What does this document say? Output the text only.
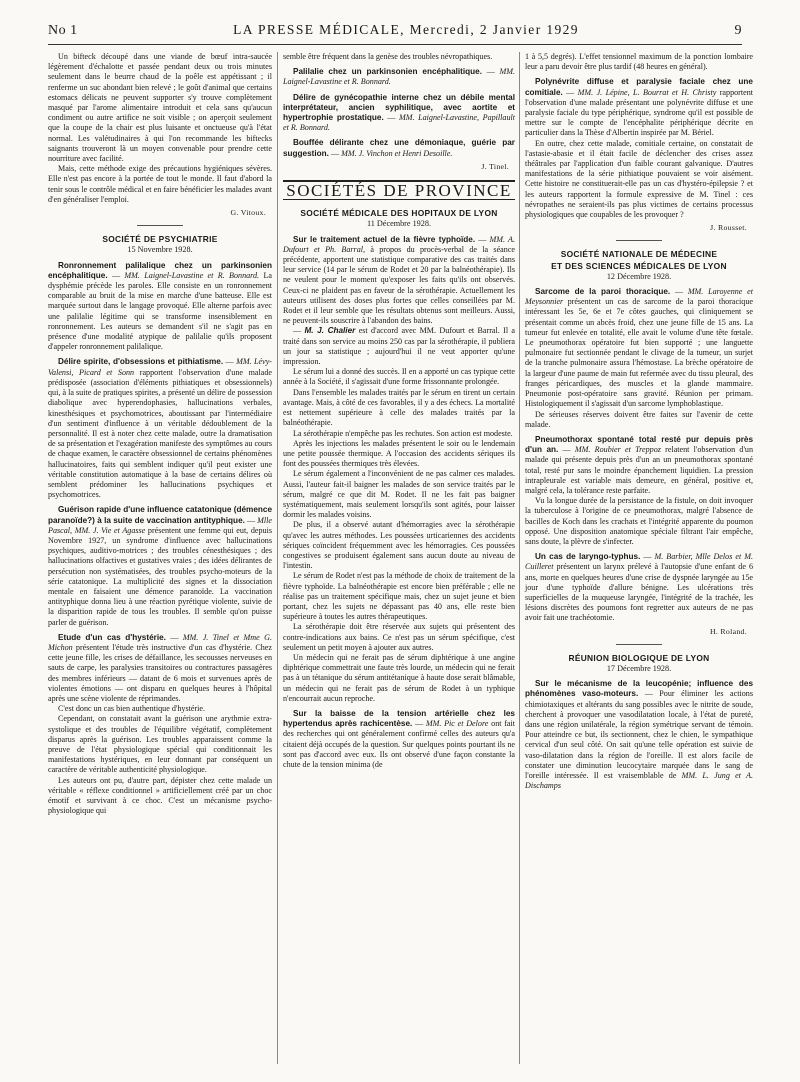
No 1	LA PRESSE MÉDICALE, Mercredi, 2 Janvier 1929	9

Un bifteck découpé dans une viande de bœuf intra-saucée légèrement d'échalotte et passée pendant deux ou trois minutes seulement dans le beurre chaud de la poêle est appétissant ; il renferme un suc abondant bien relevé ; le goût d'animal que certains estomacs délicats ne peuvent supporter s'y trouve complètement masqué par l'arome alimentaire introduit et cela sans qu'aucun condiment ou autre artifice ne soit visible ; on aperçoit seulement que la coupe de la chair est plus luisante et onctueuse qu'à l'état normal. Les valétudinaires à qui l'on recommande les biftecks saignants trouveront là un moyen convenable pour prendre cette nourriture avec facilité.

Mais, cette méthode exige des précautions hygiéniques sévères. Elle n'est pas encore à la portée de tout le monde. Il faut d'abord la tenir sous le contrôle médical et en faire bénéficier les malades avant d'en généraliser l'emploi.

G. Vitoux.
SOCIÉTÉ DE PSYCHIATRIE
15 Novembre 1928.

Ronronnement palilalique chez un parkinsonien encéphalitique. — MM. Laignel-Lavastine et R. Bonnard. La dysphémie précède les paroles. Elle consiste en un ronronnement comparable au bruit de la mise en marche d'une batteuse. Elle est marquée surtout dans le langage provoqué. Elle alterne parfois avec une palilalie légitime qui se transforme insensiblement en ronronnement. Les auteurs se demandent s'il ne s'agit pas en présence d'une modalité atypique de palilalie qu'ils proposent d'appeler ronronnement palilalique.

Délire spirite, d'obsessions et pithiatisme. — MM. Lévy-Valensi, Picard et Sonn rapportent l'observation d'une malade prédisposée (association d'éléments pithiatiques et obsessionnels) qui, à la suite de pratiques spirites, a présenté un délire de possession diabolique avec hyperendophasies, hallucinations verbales, kinesthésiques et psychomotrices, aboutissant par l'intermédiaire d'un sentiment d'influence à un véritable dédoublement de la personnalité. Il est à noter chez cette malade, outre la dramatisation de sa présentation et l'exagération manifeste des symptômes au cours de chaque examen, le caractère obsessionnel de certains phénomènes hallucinatoires, faits qui semblent indiquer qu'il peut exister une véritable constitution automatique à la base de certains délires où semblent prédominer les hallucinations psychiques et psychomotrices.

Guérison rapide d'une influence catatonique (démence paranoïde?) à la suite de vaccination antityphique. — Mlle Pascal, MM. J. Vie et Agasse présentent une femme qui eut, depuis Novembre 1927, un syndrome d'influence avec hallucinations psychiques, auditivo-motrices ; des troubles cénesthésiques ; des hallucinations olfactives et gustatives vraies ; des idées délirantes de persécution non systématisées, des troubles psycho-moteurs de la série catatonique. La multiplicité des signes et la dissociation mentale en faisaient une démence paranoïde. La vaccination antityphique donna lieu à une réaction pyrétique violente, suivie de la disparition rapide de tous les troubles. Il semble qu'on puisse parler de guérison.

Etude d'un cas d'hystérie. — MM. J. Tinel et Mme G. Michon présentent l'étude très instructive d'un cas d'hystérie. Chez cette jeune fille, les crises de défaillance, les secousses nerveuses en sauts de carpe, les paralysies transitoires ou contractures passagères des membres inférieurs — datant de 6 mois et survenues après de violentes émotions — ont disparu en quelques heures à l'hôpital après une scène violente de réprimandes.

C'est donc un cas bien authentique d'hystérie.

Cependant, on constatait avant la guérison une arythmie extra-systolique et des troubles de l'équilibre végétatif, complètement disparus après la guérison. Les troubles apparaissent comme la preuve de l'état physiologique spécial qui conditionnait les manifestations hystériques, en leur donnant par conséquent un caractère de véritable authenticité physiologique.

Les auteurs ont pu, d'autre part, dépister chez cette malade un véritable « réflexe conditionnel » artificiellement créé par un choc émotif et survivant à ce choc. C'est un mécanisme psycho-physiologique qui

semble être fréquent dans la genèse des troubles névropathiques.

Palilalie chez un parkinsonien encéphalitique. — MM. Laignel-Lavastine et R. Bonnard.

Délire de gynécopathie interne chez un débile mental interprétateur, ancien syphilitique, avec aortite et hypertrophie prostatique. — MM. Laignel-Lavastine, Papillault et R. Bonnard.

Bouffée délirante chez une démoniaque, guérie par suggestion. — MM. J. Vinchon et Henri Desoille.

J. Tinel.
SOCIÉTÉS DE PROVINCE
SOCIÉTÉ MÉDICALE DES HOPITAUX DE LYON
11 Décembre 1928.

Sur le traitement actuel de la fièvre typhoïde. — MM. A. Dufourt et Ph. Barral, à propos du procès-verbal de la séance précédente, apportent une statistique comparative des cas traités dans leur service (14 par le sérum de Rodet et 20 par la balnéothérapie). Ils ne veulent pour le moment qu'exposer les faits qu'ils ont observés. Ceux-ci ne plaident pas en faveur de la sérothérapie. Actuellement les auteurs utilisent des doses plus fortes que celles conseillées par M. Rodet et il leur semble que les résultats obtenus sont meilleurs. Aussi, ne peuvent-ils souscrire à l'abandon des bains.

— M. J. Chalier est d'accord avec MM. Dufourt et Barral. Il a traité dans son service au moins 250 cas par la sérothérapie, il publiera un jour sa statistique ; aujourd'hui il ne veut apporter qu'une impression.

Le sérum lui a donné des succès. Il en a apporté un cas typique cette année à la Société, il s'agissait d'une forme frissonnante prolongée.

Dans l'ensemble les malades traités par le sérum en tirent un certain avantage. Mais, à côté de ces favorables, il y a des échecs. La mortalité est nettement supérieure à celle des malades traités par la balnéothérapie.

La sérothérapie n'empêche pas les rechutes. Son action est modeste.

Après les injections les malades présentent le soir ou le lendemain une petite poussée thermique. A l'occasion des accidents sériques ils font des poussées thermiques très élevées.

Le sérum également a l'inconvénient de ne pas calmer ces malades. Aussi, l'auteur fait-il baigner les malades de son service traités par le sérum, malgré ce que dit M. Rodet. Il ne les fait pas baigner systématiquement, mais seulement lorsqu'ils sont agités, pour laisser dormir les malades voisins.

De plus, il a observé autant d'hémorragies avec la sérothérapie qu'avec les autres méthodes. Les poussées urticariennes des accidents sériques coïncident fréquemment avec les hémorragies. Ces poussées congestives se produisent également sans aucun doute au niveau de l'intestin.

Le sérum de Rodet n'est pas la méthode de choix de traitement de la fièvre typhoïde. La balnéothérapie est encore bien préférable ; elle ne réalise pas un traitement spécifique mais, chez un sujet jeune et bien portant, chez les sujets ne dépassant pas 40 ans, elle reste bien supérieure à toutes les autres thérapeutiques.

La sérothérapie doit être réservée aux sujets qui présentent des contre-indications aux bains. Ce n'est pas un sérum spécifique, c'est seulement un petit moyen à ajouter aux autres.

Un médecin qui ne ferait pas de sérum diphtérique à une angine diphtérique commettrait une faute très lourde, un médecin qui ne ferait pas à un tétanique du sérum antitétanique à haute dose serait blâmable, un médecin qui ne ferait pas de sérum de Rodet à un typhique n'encourrait aucun reproche.

Sur la baisse de la tension artérielle chez les hypertendus après rachicentèse. — MM. Pic et Delore ont fait des recherches qui ont généralement confirmé celles des auteurs qu'a citaient déjà occupés de la question. Sur quelques points pourtant ils ne sont pas d'accord avec eux. Ils ont observé d'une façon constante la chute de la tension minima (de

1 à 5,5 degrés). L'effet tensionnel maximum de la ponction lombaire leur a paru devoir être plus tardif (48 heures en général).

Polynévrite diffuse et paralysie faciale chez une comitiale. — MM. J. Lépine, L. Bourrat et H. Christy rapportent l'observation d'une malade présentant une polynévrite diffuse et une paralysie faciale du type périphérique, syndrome qu'il est possible de mettre sur le compte de l'encéphalite périphérique décrite en particulier dans la Thèse d'Albertin inspirée par M. Bériel.

En outre, chez cette malade, comitiale certaine, on constatait de l'astasie-abasie et il était facile de déclencher des crises assez théâtrales par l'application d'un faible courant galvanique. D'autres manifestations de la série pithiatique pouvaient se voir aisément. Cette histoire ne constituerait-elle pas un cas d'hystéro-épilepsie ? et les auteurs rapportent la formule expressive de M. Tinel : ces névropathes ne seraient-ils pas plus victimes de certains processus physiologiques que coupables de les provoquer ?

J. Rousset.
SOCIÉTÉ NATIONALE DE MÉDECINE
ET DES SCIENCES MÉDICALES DE LYON
12 Décembre 1928.

Sarcome de la paroi thoracique. — MM. Laroyenne et Meysonnier présentent un cas de sarcome de la paroi thoracique intéressant les 5e, 6e et 7e côtes gauches, qui cliniquement se présentait comme un abcès froid, chez une jeune fille de 15 ans. La tumeur fut enlevée en totalité, elle avait le volume d'une tête fœtale. Le pneumothorax opératoire fut bien supporté ; une languette pulmonaire fut sectionnée pendant le clivage de la tumeur, un surjet de la tranche pulmonaire assura l'hémostase. La brèche opératoire de la largeur d'une paume de main fut refermée avec du tissu pleural, des franges péricardiques, des muscles et la glande mammaire. Pneumonie post-opératoire sans gravité. Réunion per primam. Histologiquement il s'agissait d'un sarcome lymphoblastique.

De sérieuses réserves doivent être faites sur l'avenir de cette malade.

Pneumothorax spontané total resté pur depuis près d'un an. — MM. Roubier et Treppoz relatent l'observation d'un malade qui présente depuis près d'un an un pneumothorax spontané total, resté pur sans le moindre épanchement liquidien. La pression intrapleurale est variable mais demeure, en général, positive et, malgré cela, la tolérance reste parfaite.

Vu la longue durée de la persistance de la fistule, on doit invoquer la tuberculose à l'origine de ce pneumothorax, malgré l'absence de bacilles de Koch dans les crachats et l'intégrité apparente du poumon opposé. Une disposition anatomique spéciale filtrant l'air empêche, sans doute, la plèvre de s'infecter.

Un cas de laryngo-typhus. — M. Barbier, Mlle Delos et M. Cuilleret présentent un larynx prélevé à l'autopsie d'une enfant de 6 ans, morte en quelques heures d'une crise de dyspnée laryngée au 15e jour d'une typhoïde d'allure bénigne. Les ulcérations très superficielles de la muqueuse laryngée, l'intégrité de la trachée, les lésions discrètes des poumons font regretter aux auteurs de ne pas avoir fait une trachéotomie.

H. Roland.
RÉUNION BIOLOGIQUE DE LYON
17 Décembre 1928.

Sur le mécanisme de la leucopénie; influence des phénomènes vaso-moteurs. — Pour éliminer les actions chimiotaxiques et altérants du sang possibles avec le nitrite de soude, cherchent à provoquer une vasodilatation locale, à l'état de pureté, dans une région unilatérale, la région symétrique servant de témoin. Pour atteindre ce but, ils sectionnent, chez le chien, le sympathique cervical d'un seul côté. On sait qu'une telle opération est suivie de vaso-dilatation dans la région de l'oreille. Il est alors facile de constater une diminution leucocytaire marquée dans le sang de l'oreille intéressée. Il est vraisemblable de MM. L. Jung et A. Dischamps
